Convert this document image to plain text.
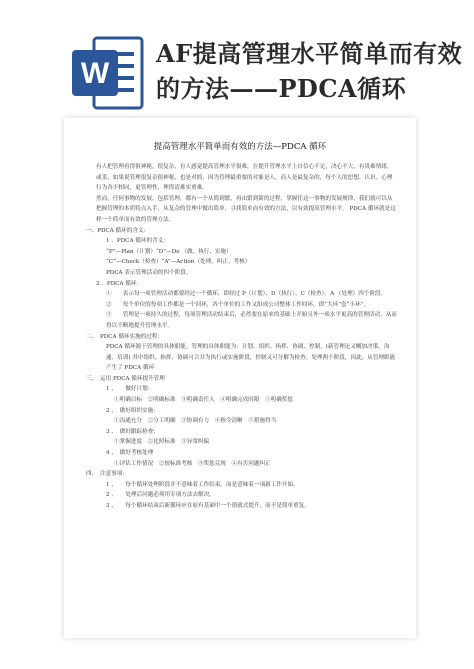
W
AF提高管理水平简单而有效的方法——PDCA循环
提高管理水平简单而有效的方法—PDCA 循环

有人把管理看得很神秘，很复杂，有人感觉提高管理水平很难，在提升管理水平上自信心不足，决心不大，有畏难情绪，或采，如果说管理很复杂很神秘，也是对的，因为管理最重要的对象是人，而人是最复杂的，每个人的思想、认识、心理行为各不相同，更管理性，理得清难实重难。

然而，任何事物的发展，包括管理，都有一个从简到繁，再由繁到简的过程，掌握住这一事物的发展规律，我们就可以从把握管理的本质特点入手，从复杂的管理中做出简单，寻找简单而有效的方法，以有效提高管理水平。 PDCA 循环就是这样一个简单而有效的管理方法。

一、PDCA 循环的含义：

1 、PDCA 循环的含义：

“P”—Plan（计划）“D”—Do （做、执行、实施）

“C”—Check（检查）“A”—Action（处理、纠正、考核）

PDCA 表示管理活动的四个阶段。

2 、PDCA 循环：

①　　表示每一项管理活动都要经过一个循环，即经过 P（计划）、D（执行）、C（检查）、A （处理）四个阶段。

②　　每个单位的每项工作都是一个回环，各个单位的工作又组成公司整体工作回环，即“大环”套“小环”。

③　　管理是一项持久的过程，每项管理活动结束后，必然要在原来的基础上开始另外一项水平更高的管理活动，从而得以不断地提升管理水平。

二、　PDCA 循环实施的过程：

PDCA 循环源于管理的具体职能。管理的具体职能为：计划、组织、指挥、协调、控制。(新管理论又概加决策、沟通、培训) 其中组织、指挥、协调可合并为执行或实施阶段，控制又可分解为检查、处理两个阶段，因此，从管理职能产生了 PDCA 循环

三、　运用 PDCA 循环提升管理

1 、　　做好计划：

①明确目标　②明确标准　③明确责任人　④明确完成时限　⑤明确奖惩

2 、　做好组织实施：

①沟通充分　②分工明确　③协调有力　④指令清晰　⑤措施得当

3 、　做好跟踪检查：

①掌握进度　②比照标准　③异常纠偏

4 、　做好考核处理

①评估工作情况　②按标准考核　③奖惩兑现　④有否问题纠正

四、　注意事项：

1 、　　每个循环处理阶段并不意味着工作结束，而是意味着一项新工作开始。

2 、　　处理后问题必须用专项方法去解决。

3 、　　每个循环结束后新循环应在原有基础中一个谐就式提升，而不是简单重复。
